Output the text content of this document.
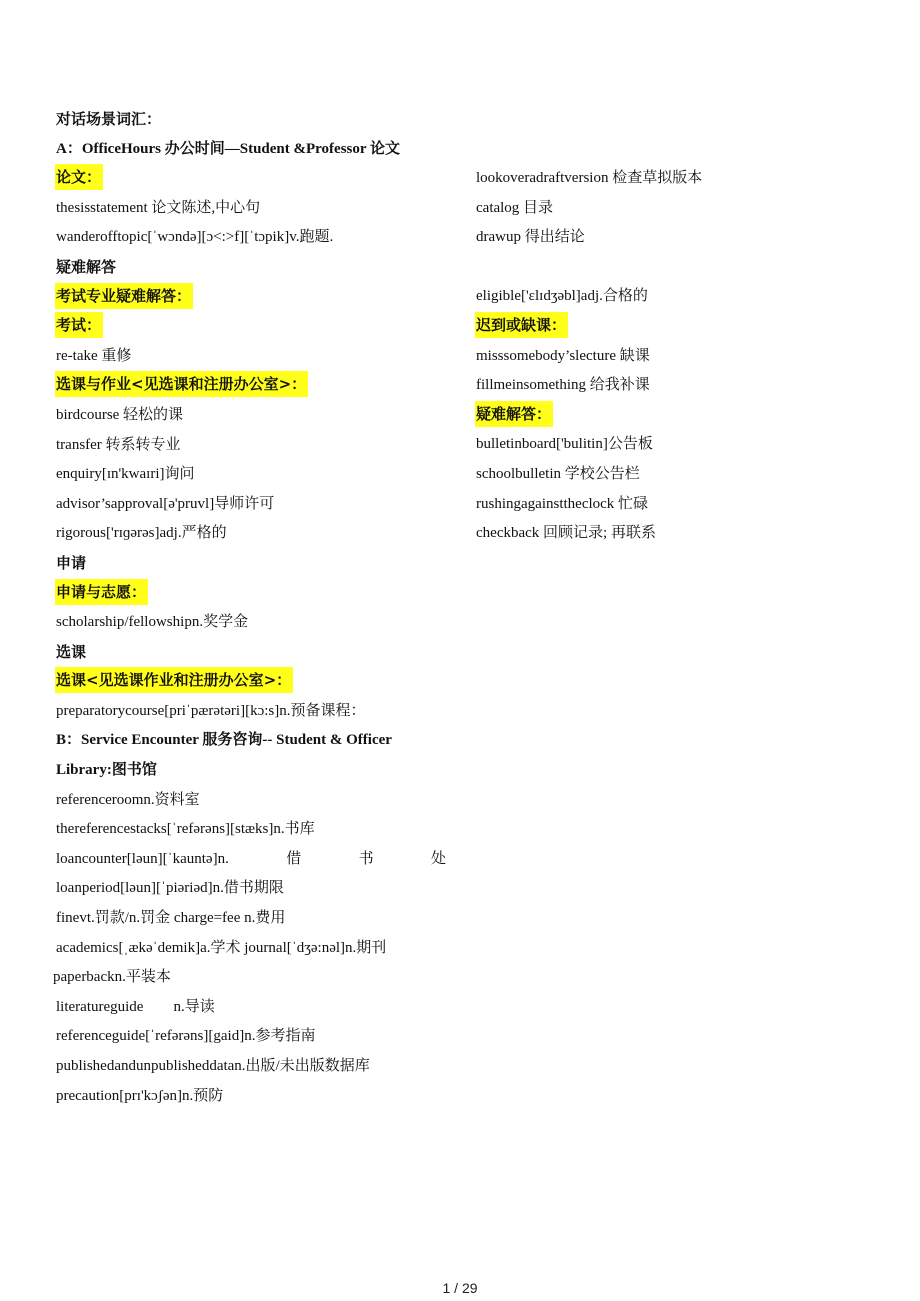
对话场景词汇：
A：OfficeHours 办公时间—Student &Professor 论文
论文：
thesisstatement 论文陈述,中心句
wanderofftopic[ˈwɔndə][ɔ<:>f][ˈtɔpik]v.跑题.
疑难解答
考试专业疑难解答：
考试：
re-take 重修
选课与作业<见选课和注册办公室>：
birdcourse 轻松的课
transfer 转系转专业
enquiry[ɪn'kwaɪri]询问
advisor’sapproval[ə'pruvl]导师许可
rigorous['rɪɡərəs]adj.严格的
申请
申请与志愿：
scholarship/fellowshipn.奖学金
选课
选课<见选课作业和注册办公室>：
preparatorycourse[priˈpærətəri][kɔ:s]n.预备课程：
B：Service Encounter 服务咨询-- Student & Officer
Library:图书馆
referenceroomn.资料室
thereferencestacks[ˈrefərəns][stæks]n.书库
loancounter[ləun][ˈkauntə]n.	借	书	处
loanperiod[ləun][ˈpiəriəd]n.借书期限
finevt.罚款/n.罚金 charge=fee n.费用
academics[ˌækəˈdemik]a.学术 journal[ˈdʒə:nəl]n.期刊
paperbackn.平装本
literatureguide        n.导读
referenceguide[ˈrefərəns][gaid]n.参考指南
publishedandunpublisheddatan.出版/未出版数据库
precaution[prɪ'kɔʃən]n.预防
lookoveradraftversion 检查草拟版本
catalog 目录
drawup 得出结论
eligible['ɛlɪdʒəbl]adj.合格的
迟到或缺课：
misssomebody’slecture 缺课
fillmeinsomething 给我补课
疑难解答：
bulletinboard['bulitin]公告板
schoolbulletin 学校公告栏
rushingagainsttheclock 忙碌
checkback 回顾记录; 再联系
1 / 29
